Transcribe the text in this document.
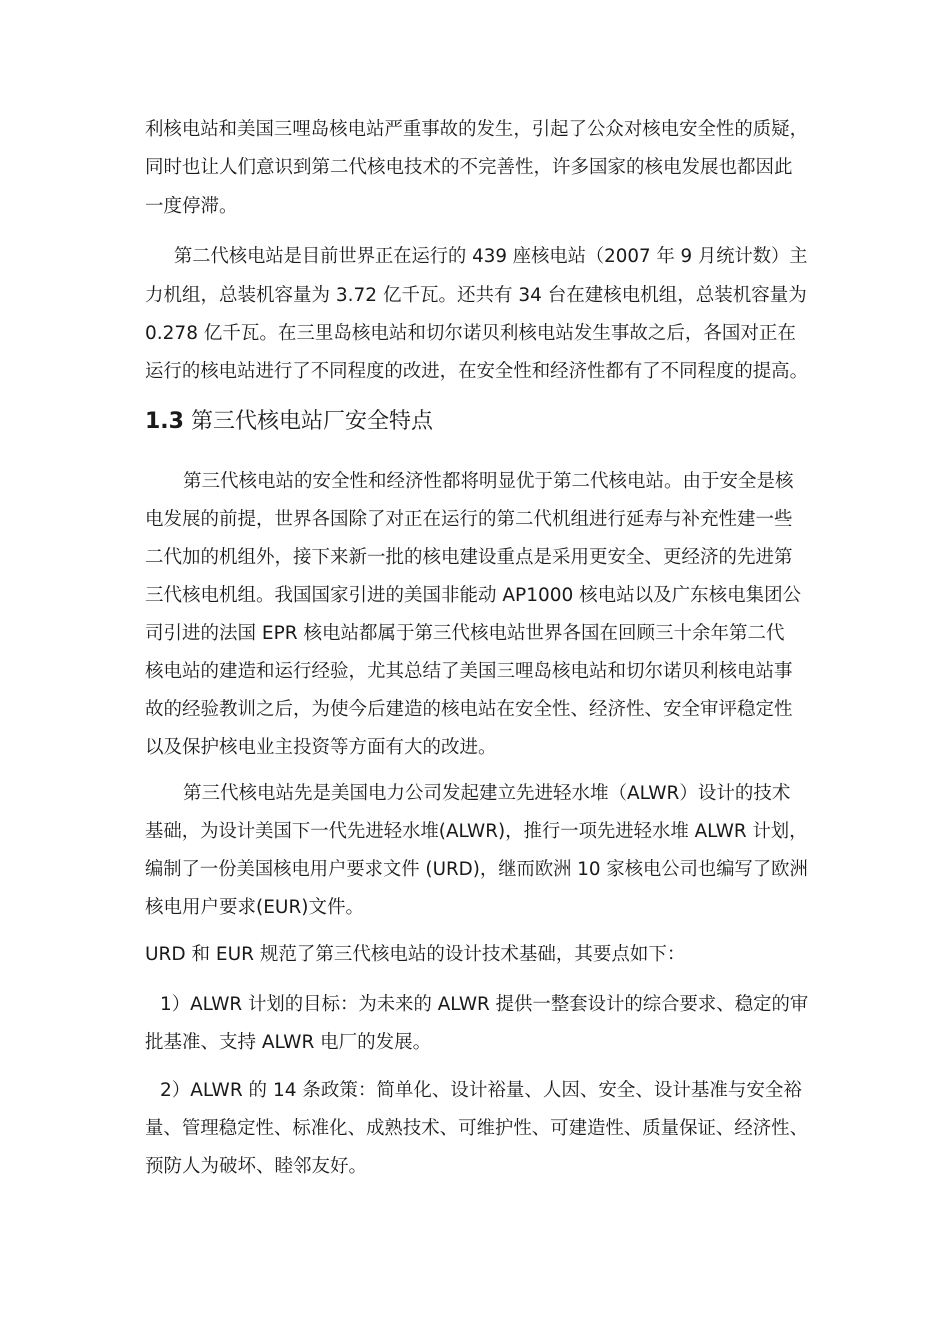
利核电站和美国三哩岛核电站严重事故的发生，引起了公众对核电安全性的质疑，
同时也让人们意识到第二代核电技术的不完善性，许多国家的核电发展也都因此
一度停滞。
第二代核电站是目前世界正在运行的 439 座核电站（2007 年 9 月统计数）主
力机组，总装机容量为 3.72 亿千瓦。还共有 34 台在建核电机组，总装机容量为
0.278 亿千瓦。在三里岛核电站和切尔诺贝利核电站发生事故之后，各国对正在
运行的核电站进行了不同程度的改进，在安全性和经济性都有了不同程度的提高。
1.3 第三代核电站厂安全特点
第三代核电站的安全性和经济性都将明显优于第二代核电站。由于安全是核
电发展的前提，世界各国除了对正在运行的第二代机组进行延寿与补充性建一些
二代加的机组外，接下来新一批的核电建设重点是采用更安全、更经济的先进第
三代核电机组。我国国家引进的美国非能动 AP1000 核电站以及广东核电集团公
司引进的法国 EPR 核电站都属于第三代核电站世界各国在回顾三十余年第二代
核电站的建造和运行经验，尤其总结了美国三哩岛核电站和切尔诺贝利核电站事
故的经验教训之后，为使今后建造的核电站在安全性、经济性、安全审评稳定性
以及保护核电业主投资等方面有大的改进。
第三代核电站先是美国电力公司发起建立先进轻水堆（ALWR）设计的技术
基础，为设计美国下一代先进轻水堆(ALWR)，推行一项先进轻水堆 ALWR 计划，
编制了一份美国核电用户要求文件 (URD)，继而欧洲 10 家核电公司也编写了欧洲
核电用户要求(EUR)文件。
URD 和 EUR 规范了第三代核电站的设计技术基础，其要点如下：
1）ALWR 计划的目标：为未来的 ALWR 提供一整套设计的综合要求、稳定的审
批基准、支持 ALWR 电厂的发展。
2）ALWR 的 14 条政策：简单化、设计裕量、人因、安全、设计基准与安全裕
量、管理稳定性、标准化、成熟技术、可维护性、可建造性、质量保证、经济性、
预防人为破坏、睦邻友好。
